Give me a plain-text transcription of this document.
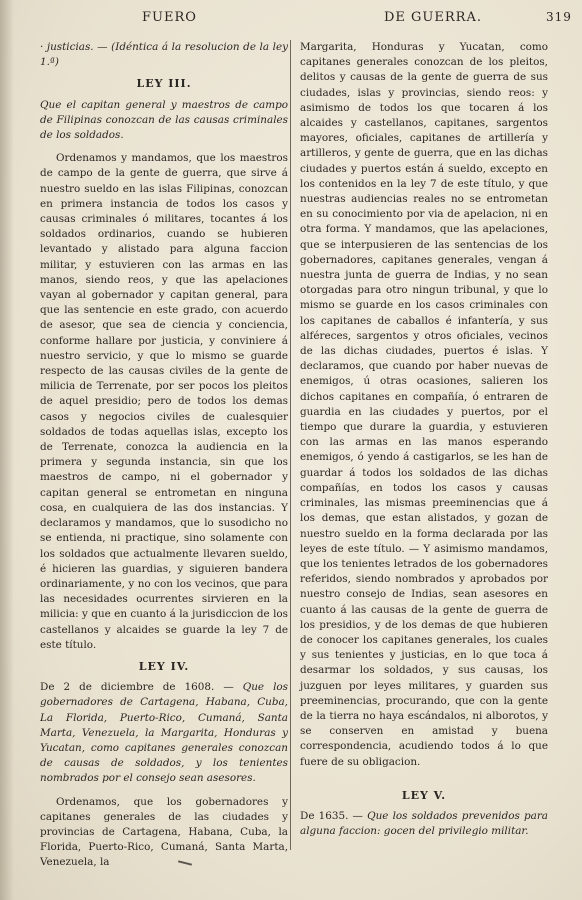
FUERO	DE GUERRA.	319

· justicias. — (Idéntica á la resolucion de la ley 1.ª)

LEY III.

Que el capitan general y maestros de campo de Filipinas conozcan de las causas criminales de los soldados.

Ordenamos y mandamos, que los maestros de campo de la gente de guerra, que sirve á nuestro sueldo en las islas Filipinas, conozcan en primera instancia de todos los casos y causas criminales ó militares, tocantes á los soldados ordinarios, cuando se hubieren levantado y alistado para alguna faccion militar, y estuvieren con las armas en las manos, siendo reos, y que las apelaciones vayan al gobernador y capitan general, para que las sentencie en este grado, con acuerdo de asesor, que sea de ciencia y conciencia, conforme hallare por justicia, y conviniere á nuestro servicio, y que lo mismo se guarde respecto de las causas civiles de la gente de milicia de Terrenate, por ser pocos los pleitos de aquel presidio; pero de todos los demas casos y negocios civiles de cualesquier soldados de todas aquellas islas, excepto los de Terrenate, conozca la audiencia en la primera y segunda instancia, sin que los maestros de campo, ni el gobernador y capitan general se entrometan en ninguna cosa, en cualquiera de las dos instancias. Y declaramos y mandamos, que lo susodicho no se entienda, ni practique, sino solamente con los soldados que actualmente llevaren sueldo, é hicieren las guardias, y siguieren bandera ordinariamente, y no con los vecinos, que para las necesidades ocurrentes sirvieren en la milicia: y que en cuanto á la jurisdiccion de los castellanos y alcaides se guarde la ley 7 de este título.

LEY IV.

De 2 de diciembre de 1608. — Que los gobernadores de Cartagena, Habana, Cuba, La Florida, Puerto-Rico, Cumaná, Santa Marta, Venezuela, la Margarita, Honduras y Yucatan, como capitanes generales conozcan de causas de soldados, y los tenientes nombrados por el consejo sean asesores.

Ordenamos, que los gobernadores y capitanes generales de las ciudades y provincias de Cartagena, Habana, Cuba, la Florida, Puerto-Rico, Cumaná, Santa Marta, Venezuela, la

Margarita, Honduras y Yucatan, como capitanes generales conozcan de los pleitos, delitos y causas de la gente de guerra de sus ciudades, islas y provincias, siendo reos: y asimismo de todos los que tocaren á los alcaides y castellanos, capitanes, sargentos mayores, oficiales, capitanes de artillería y artilleros, y gente de guerra, que en las dichas ciudades y puertos están á sueldo, excepto en los contenidos en la ley 7 de este título, y que nuestras audiencias reales no se entrometan en su conocimiento por via de apelacion, ni en otra forma. Y mandamos, que las apelaciones, que se interpusieren de las sentencias de los gobernadores, capitanes generales, vengan á nuestra junta de guerra de Indias, y no sean otorgadas para otro ningun tribunal, y que lo mismo se guarde en los casos criminales con los capitanes de caballos é infantería, y sus alféreces, sargentos y otros oficiales, vecinos de las dichas ciudades, puertos é islas. Y declaramos, que cuando por haber nuevas de enemigos, ú otras ocasiones, salieren los dichos capitanes en compañía, ó entraren de guardia en las ciudades y puertos, por el tiempo que durare la guardia, y estuvieren con las armas en las manos esperando enemigos, ó yendo á castigarlos, se les han de guardar á todos los soldados de las dichas compañías, en todos los casos y causas criminales, las mismas preeminencias que á los demas, que estan alistados, y gozan de nuestro sueldo en la forma declarada por las leyes de este título. — Y asimismo mandamos, que los tenientes letrados de los gobernadores referidos, siendo nombrados y aprobados por nuestro consejo de Indias, sean asesores en cuanto á las causas de la gente de guerra de los presidios, y de los demas de que hubieren de conocer los capitanes generales, los cuales y sus tenientes y justicias, en lo que toca á desarmar los soldados, y sus causas, los juzguen por leyes militares, y guarden sus preeminencias, procurando, que con la gente de la tierra no haya escándalos, ni alborotos, y se conserven en amistad y buena correspondencia, acudiendo todos á lo que fuere de su obligacion.

LEY V.

De 1635. — Que los soldados prevenidos para alguna faccion: gocen del privilegio militar.
